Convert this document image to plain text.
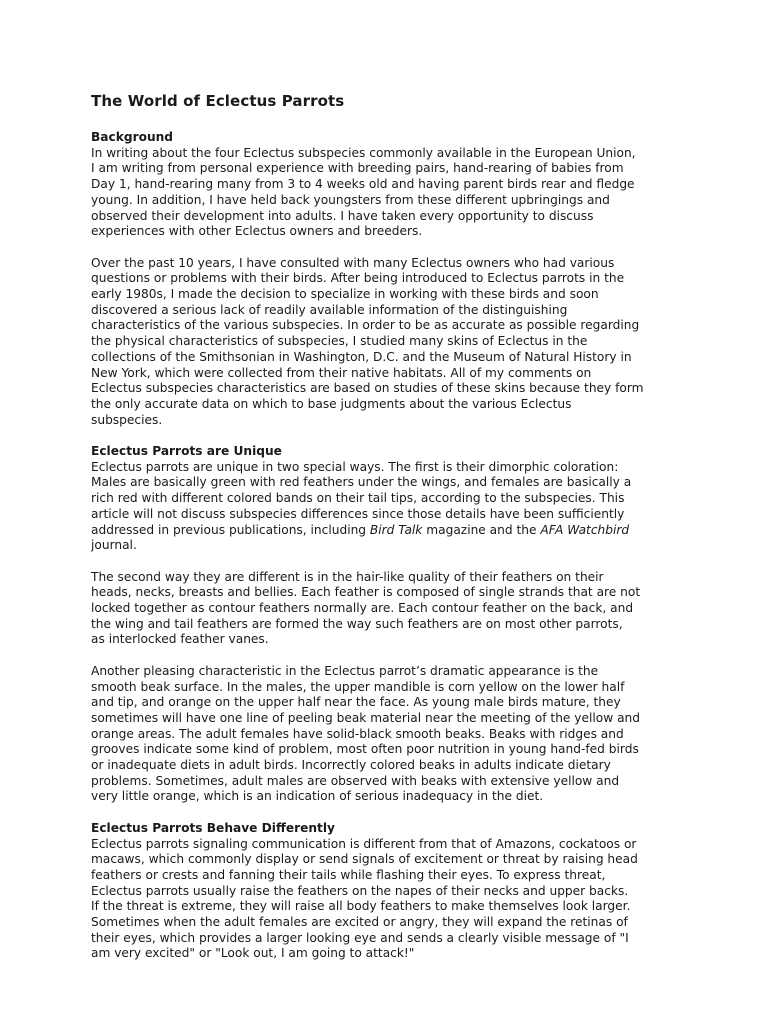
The World of Eclectus Parrots
Background
In writing about the four Eclectus subspecies commonly available in the European Union,
I am writing from personal experience with breeding pairs, hand-rearing of babies from
Day 1, hand-rearing many from 3 to 4 weeks old and having parent birds rear and fledge
young. In addition, I have held back youngsters from these different upbringings and
observed their development into adults. I have taken every opportunity to discuss
experiences with other Eclectus owners and breeders.
Over the past 10 years, I have consulted with many Eclectus owners who had various
questions or problems with their birds. After being introduced to Eclectus parrots in the
early 1980s, I made the decision to specialize in working with these birds and soon
discovered a serious lack of readily available information of the distinguishing
characteristics of the various subspecies. In order to be as accurate as possible regarding
the physical characteristics of subspecies, I studied many skins of Eclectus in the
collections of the Smithsonian in Washington, D.C. and the Museum of Natural History in
New York, which were collected from their native habitats. All of my comments on
Eclectus subspecies characteristics are based on studies of these skins because they form
the only accurate data on which to base judgments about the various Eclectus
subspecies.
Eclectus Parrots are Unique
Eclectus parrots are unique in two special ways. The first is their dimorphic coloration:
Males are basically green with red feathers under the wings, and females are basically a
rich red with different colored bands on their tail tips, according to the subspecies. This
article will not discuss subspecies differences since those details have been sufficiently
addressed in previous publications, including Bird Talk magazine and the AFA Watchbird
journal.
The second way they are different is in the hair-like quality of their feathers on their
heads, necks, breasts and bellies. Each feather is composed of single strands that are not
locked together as contour feathers normally are. Each contour feather on the back, and
the wing and tail feathers are formed the way such feathers are on most other parrots,
as interlocked feather vanes.
Another pleasing characteristic in the Eclectus parrot’s dramatic appearance is the
smooth beak surface. In the males, the upper mandible is corn yellow on the lower half
and tip, and orange on the upper half near the face. As young male birds mature, they
sometimes will have one line of peeling beak material near the meeting of the yellow and
orange areas. The adult females have solid-black smooth beaks. Beaks with ridges and
grooves indicate some kind of problem, most often poor nutrition in young hand-fed birds
or inadequate diets in adult birds. Incorrectly colored beaks in adults indicate dietary
problems. Sometimes, adult males are observed with beaks with extensive yellow and
very little orange, which is an indication of serious inadequacy in the diet.
Eclectus Parrots Behave Differently
Eclectus parrots signaling communication is different from that of Amazons, cockatoos or
macaws, which commonly display or send signals of excitement or threat by raising head
feathers or crests and fanning their tails while flashing their eyes. To express threat,
Eclectus parrots usually raise the feathers on the napes of their necks and upper backs.
If the threat is extreme, they will raise all body feathers to make themselves look larger.
Sometimes when the adult females are excited or angry, they will expand the retinas of
their eyes, which provides a larger looking eye and sends a clearly visible message of "I
am very excited" or "Look out, I am going to attack!"
